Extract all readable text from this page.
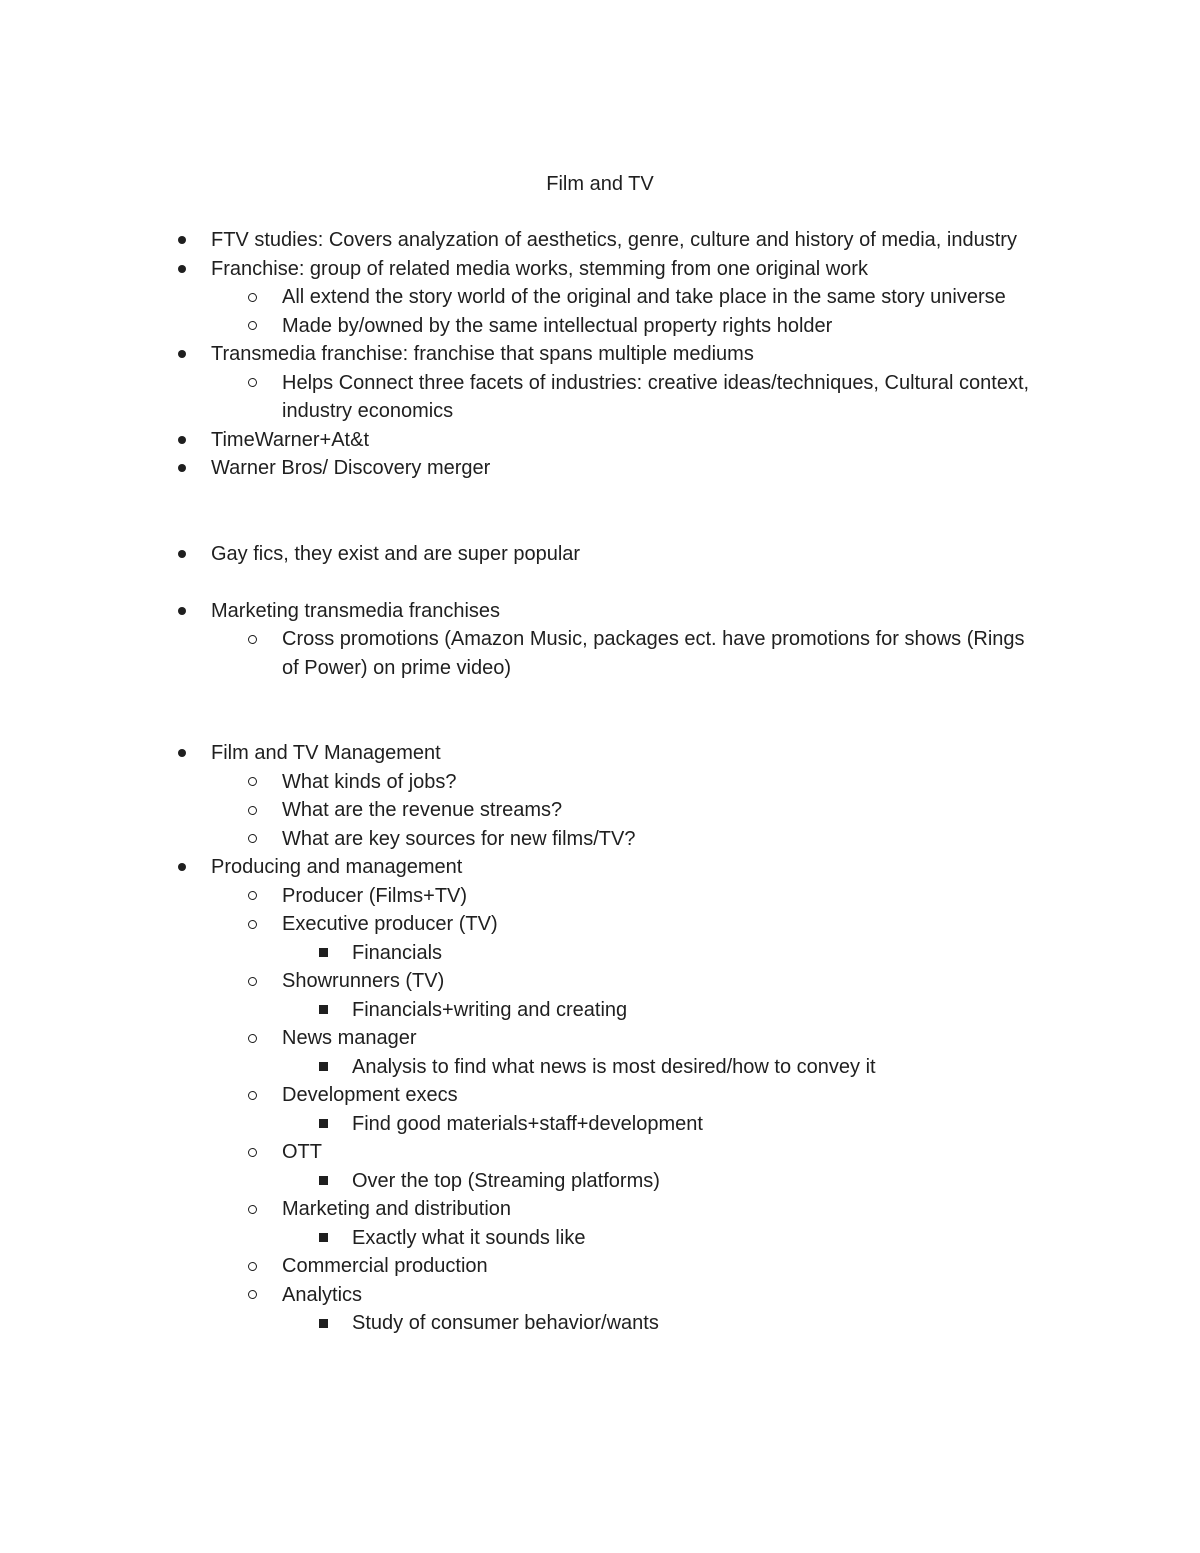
Film and TV
FTV studies: Covers analyzation of aesthetics, genre, culture and history of media, industry
Franchise: group of related media works, stemming from one original work
All extend the story world of the original and take place in the same story universe
Made by/owned by the same intellectual property rights holder
Transmedia franchise: franchise that spans multiple mediums
Helps Connect three facets of industries: creative ideas/techniques, Cultural context, industry economics
TimeWarner+At&t
Warner Bros/ Discovery merger
Gay fics, they exist and are super popular
Marketing transmedia franchises
Cross promotions (Amazon Music, packages ect. have promotions for shows (Rings of Power) on prime video)
Film and TV Management
What kinds of jobs?
What are the revenue streams?
What are key sources for new films/TV?
Producing and management
Producer (Films+TV)
Executive producer (TV)
Financials
Showrunners (TV)
Financials+writing and creating
News manager
Analysis to find what news is most desired/how to convey it
Development execs
Find good materials+staff+development
OTT
Over the top (Streaming platforms)
Marketing and distribution
Exactly what it sounds like
Commercial production
Analytics
Study of consumer behavior/wants
